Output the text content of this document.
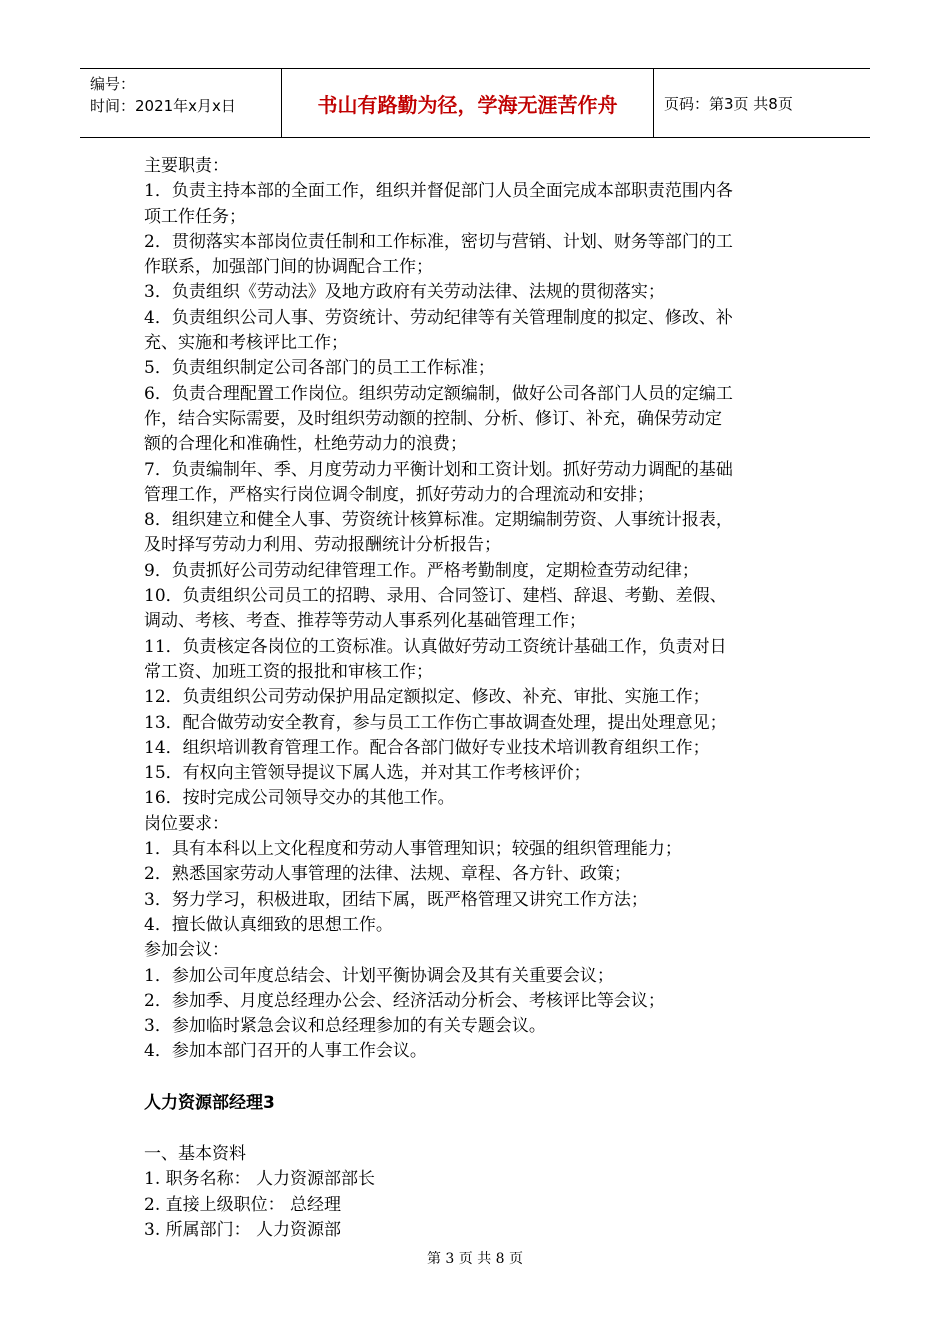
编号：
时间：2021年x月x日	书山有路勤为径，学海无涯苦作舟	页码：第3页 共8页
主要职责：
1．负责主持本部的全面工作，组织并督促部门人员全面完成本部职责范围内各
项工作任务；
2．贯彻落实本部岗位责任制和工作标准，密切与营销、计划、财务等部门的工
作联系，加强部门间的协调配合工作；
3．负责组织《劳动法》及地方政府有关劳动法律、法规的贯彻落实；
4．负责组织公司人事、劳资统计、劳动纪律等有关管理制度的拟定、修改、补
充、实施和考核评比工作；
5．负责组织制定公司各部门的员工工作标准；
6．负责合理配置工作岗位。组织劳动定额编制，做好公司各部门人员的定编工
作，结合实际需要，及时组织劳动额的控制、分析、修订、补充，确保劳动定
额的合理化和准确性，杜绝劳动力的浪费；
7．负责编制年、季、月度劳动力平衡计划和工资计划。抓好劳动力调配的基础
管理工作，严格实行岗位调令制度，抓好劳动力的合理流动和安排；
8．组织建立和健全人事、劳资统计核算标准。定期编制劳资、人事统计报表，
及时择写劳动力利用、劳动报酬统计分析报告；
9．负责抓好公司劳动纪律管理工作。严格考勤制度，定期检查劳动纪律；
10．负责组织公司员工的招聘、录用、合同签订、建档、辞退、考勤、差假、
调动、考核、考查、推荐等劳动人事系列化基础管理工作；
11．负责核定各岗位的工资标准。认真做好劳动工资统计基础工作，负责对日
常工资、加班工资的报批和审核工作；
12．负责组织公司劳动保护用品定额拟定、修改、补充、审批、实施工作；
13．配合做劳动安全教育，参与员工工作伤亡事故调查处理，提出处理意见；
14．组织培训教育管理工作。配合各部门做好专业技术培训教育组织工作；
15．有权向主管领导提议下属人选，并对其工作考核评价；
16．按时完成公司领导交办的其他工作。
岗位要求：
1．具有本科以上文化程度和劳动人事管理知识；较强的组织管理能力；
2．熟悉国家劳动人事管理的法律、法规、章程、各方针、政策；
3．努力学习，积极进取，团结下属，既严格管理又讲究工作方法；
4．擅长做认真细致的思想工作。
参加会议：
1．参加公司年度总结会、计划平衡协调会及其有关重要会议；
2．参加季、月度总经理办公会、经济活动分析会、考核评比等会议；
3．参加临时紧急会议和总经理参加的有关专题会议。
4．参加本部门召开的人事工作会议。
人力资源部经理3
一、基本资料
1. 职务名称： 人力资源部部长
2. 直接上级职位： 总经理
3. 所属部门： 人力资源部
第 3 页 共 8 页
